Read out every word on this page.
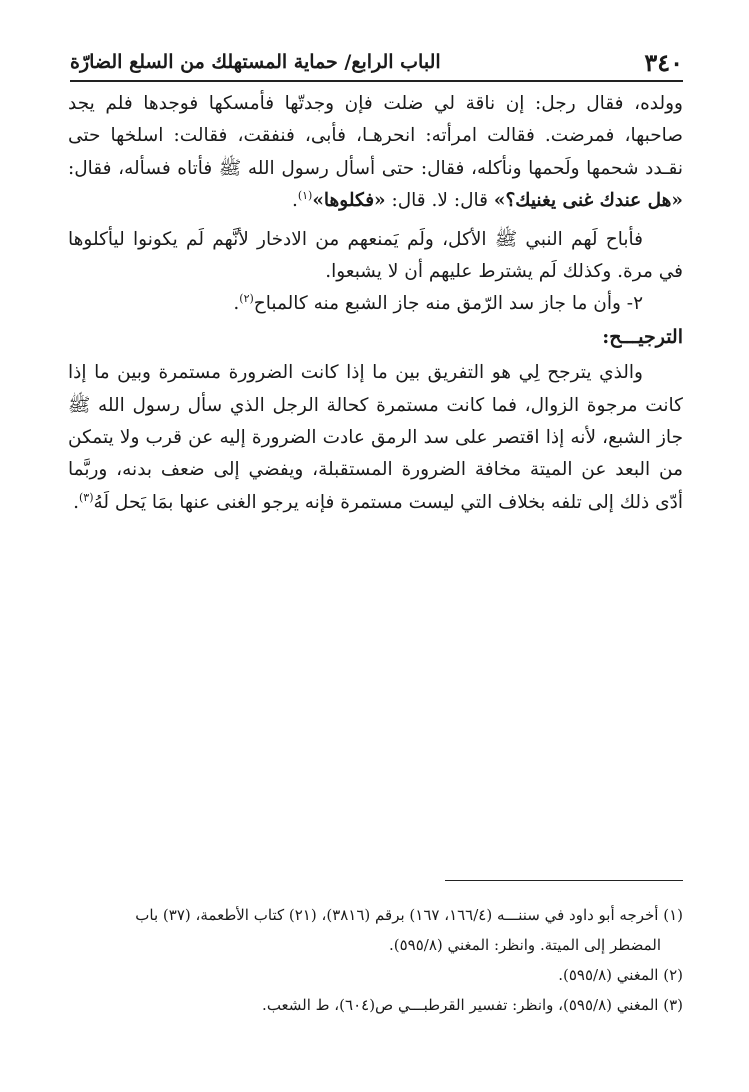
٣٤٠
الباب الرابع/ حماية المستهلك من السلع الضارّة

وولده، فقال رجل: إن ناقة لي ضلت فإن وجدتّها فأمسكها فوجدها فلم يجد صاحبها، فمرضت. فقالت امرأته: انحرهـا، فأبى، فنفقت، فقالت: اسلخها حتى نقـدد شحمها ولَحمها ونأكله، فقال: حتى أسأل رسول الله ﷺ فأتاه فسأله، فقال: «هل عندك غنى يغنيك؟» قال: لا. قال: «فكلوها»$^{(١)}$.

فأباح لَهم النبي ﷺ الأكل، ولَم يَمنعهم من الادخار لأنَّهم لَم يكونوا ليأكلوها في مرة. وكذلك لَم يشترط عليهم أن لا يشبعوا.

٢- وأن ما جاز سد الرّمق منه جاز الشبع منه كالمباح$^{(٢)}$.

الترجيـــح:

والذي يترجح لِي هو التفريق بين ما إذا كانت الضرورة مستمرة وبين ما إذا كانت مرجوة الزوال، فما كانت مستمرة كحالة الرجل الذي سأل رسول الله ﷺ جاز الشبع، لأنه إذا اقتصر على سد الرمق عادت الضرورة إليه عن قرب ولا يتمكن من البعد عن الميتة مخافة الضرورة المستقبلة، ويفضي إلى ضعف بدنه، وربَّما أدّى ذلك إلى تلفه بخلاف التي ليست مستمرة فإنه يرجو الغنى عنها بمَا يَحل لَهُ$^{(٣)}$.

(١) أخرجه أبو داود في سننـــه (١٦٦/٤، ١٦٧) برقم (٣٨١٦)، (٢١) كتاب الأطعمة، (٣٧) باب

المضطر إلى الميتة. وانظر: المغني (٥٩٥/٨).

(٢) المغني (٥٩٥/٨).

(٣) المغني (٥٩٥/٨)، وانظر: تفسير القرطبـــي ص(٦٠٤)، ط الشعب.
